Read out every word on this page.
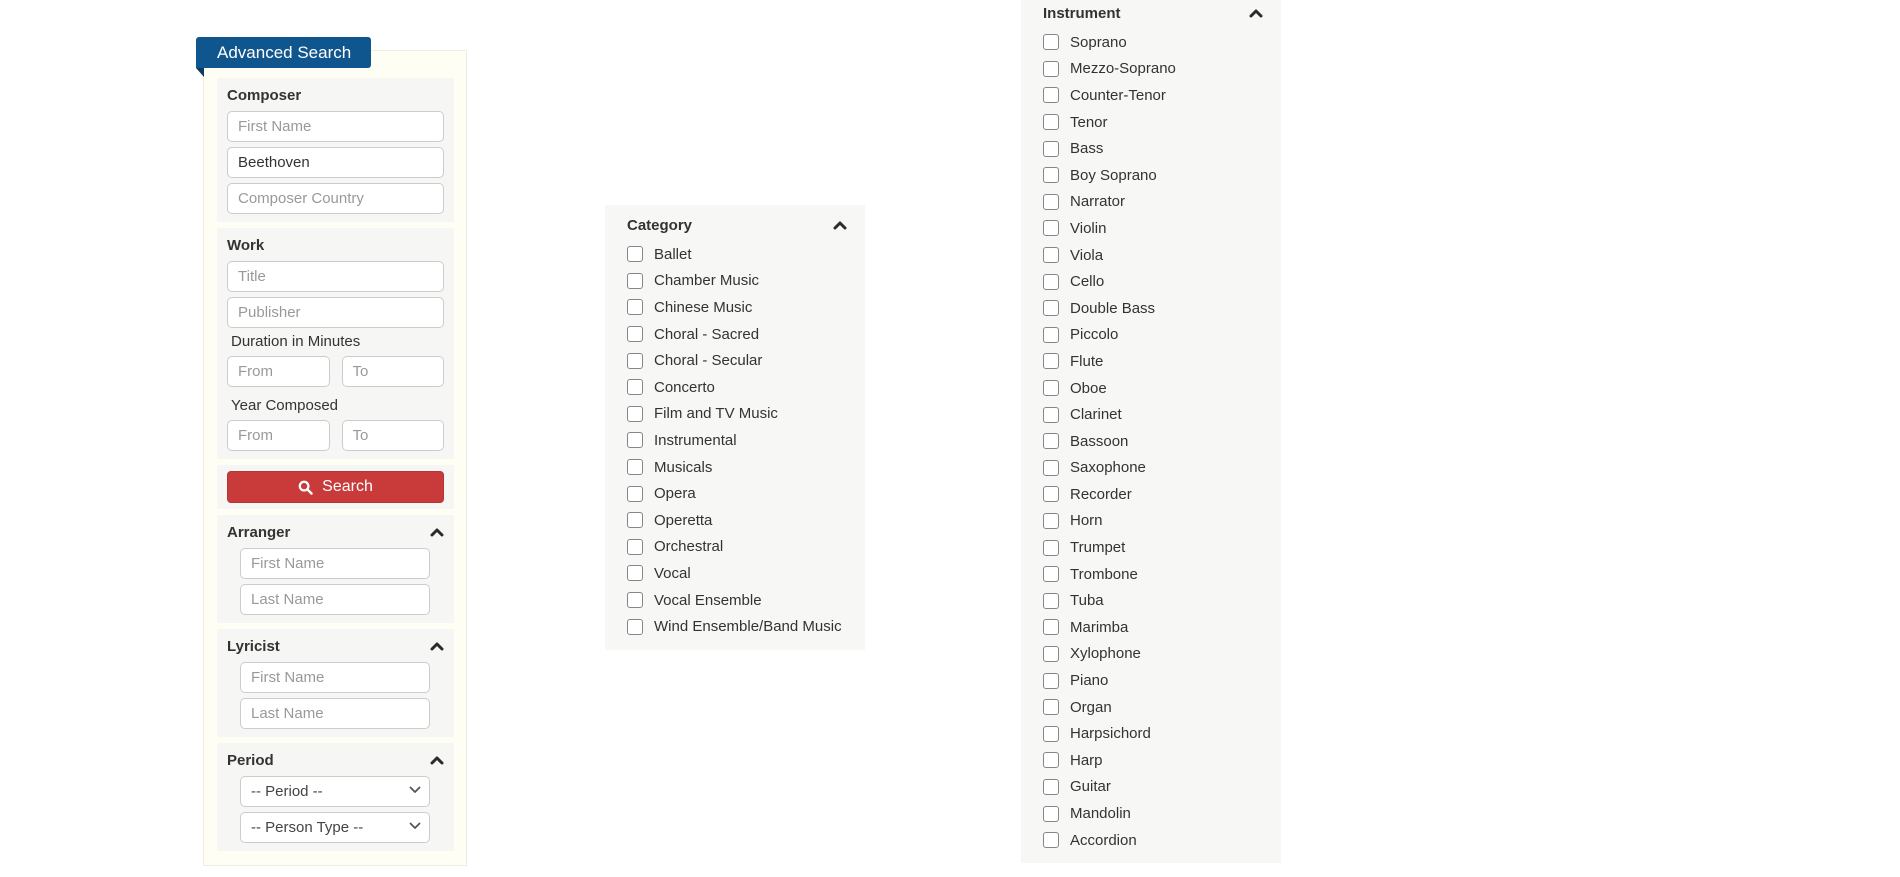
Advanced Search
Composer
First Name
Beethoven
Composer Country
Work
Title
Publisher
Duration in Minutes
From
To
Year Composed
From
To
Search
Arranger
First Name
Last Name
Lyricist
First Name
Last Name
Period
-- Period --
-- Person Type --
Category
Ballet
Chamber Music
Chinese Music
Choral - Sacred
Choral - Secular
Concerto
Film and TV Music
Instrumental
Musicals
Opera
Operetta
Orchestral
Vocal
Vocal Ensemble
Wind Ensemble/Band Music
Instrument
Soprano
Mezzo-Soprano
Counter-Tenor
Tenor
Bass
Boy Soprano
Narrator
Violin
Viola
Cello
Double Bass
Piccolo
Flute
Oboe
Clarinet
Bassoon
Saxophone
Recorder
Horn
Trumpet
Trombone
Tuba
Marimba
Xylophone
Piano
Organ
Harpsichord
Harp
Guitar
Mandolin
Accordion
